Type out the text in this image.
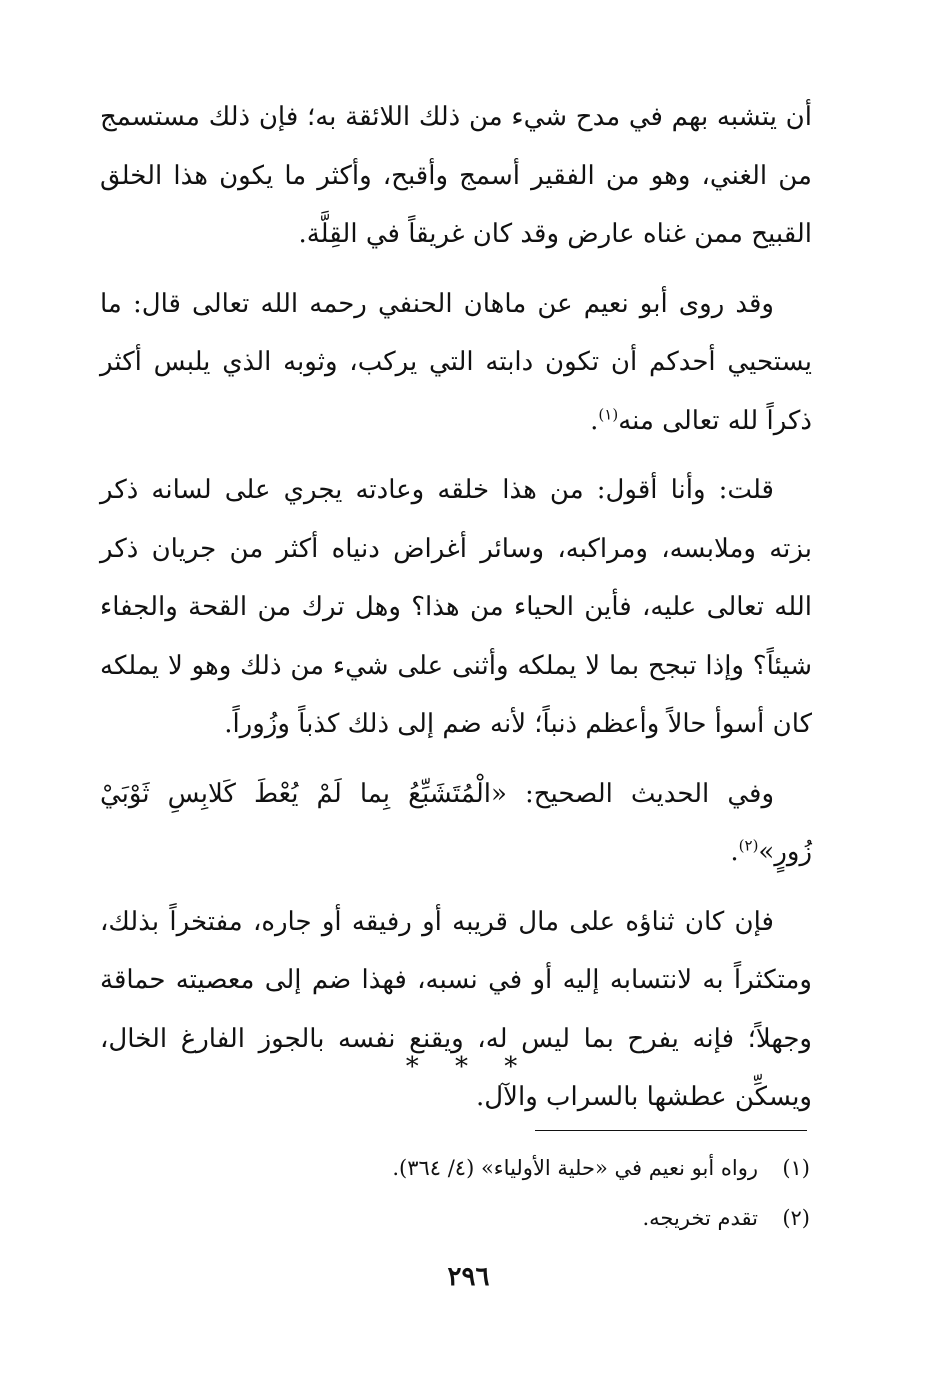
أن يتشبه بهم في مدح شيء من ذلك اللائقة به؛ فإن ذلك مستسمج من الغني، وهو من الفقير أسمج وأقبح، وأكثر ما يكون هذا الخلق القبيح ممن غناه عارض وقد كان غريقاً في القِلَّة.

وقد روى أبو نعيم عن ماهان الحنفي رحمه الله تعالى قال: ما يستحيي أحدكم أن تكون دابته التي يركب، وثوبه الذي يلبس أكثر ذكراً لله تعالى منه$^{(١)}$.

قلت: وأنا أقول: من هذا خلقه وعادته يجري على لسانه ذكر بزته وملابسه، ومراكبه، وسائر أغراض دنياه أكثر من جريان ذكر الله تعالى عليه، فأين الحياء من هذا؟ وهل ترك من القحة والجفاء شيئاً؟ وإذا تبجح بما لا يملكه وأثنى على شيء من ذلك وهو لا يملكه كان أسوأ حالاً وأعظم ذنباً؛ لأنه ضم إلى ذلك كذباً وزُوراً.

وفي الحديث الصحيح: «الْمُتَشَبِّعُ بِما لَمْ يُعْطَ كَلابِسِ ثَوْبَيْ زُورٍ»$^{(٢)}$.

فإن كان ثناؤه على مال قريبه أو رفيقه أو جاره، مفتخراً بذلك، ومتكثراً به لانتسابه إليه أو في نسبه، فهذا ضم إلى معصيته حماقة وجهلاً؛ فإنه يفرح بما ليس له، ويقنع نفسه بالجوز الفارغ الخال، ويسكِّن عطشها بالسراب والآل.

* * *
(١)رواه أبو نعيم في «حلية الأولياء» (٤/ ٣٦٤).
(٢)تقدم تخريجه.
٢٩٦
